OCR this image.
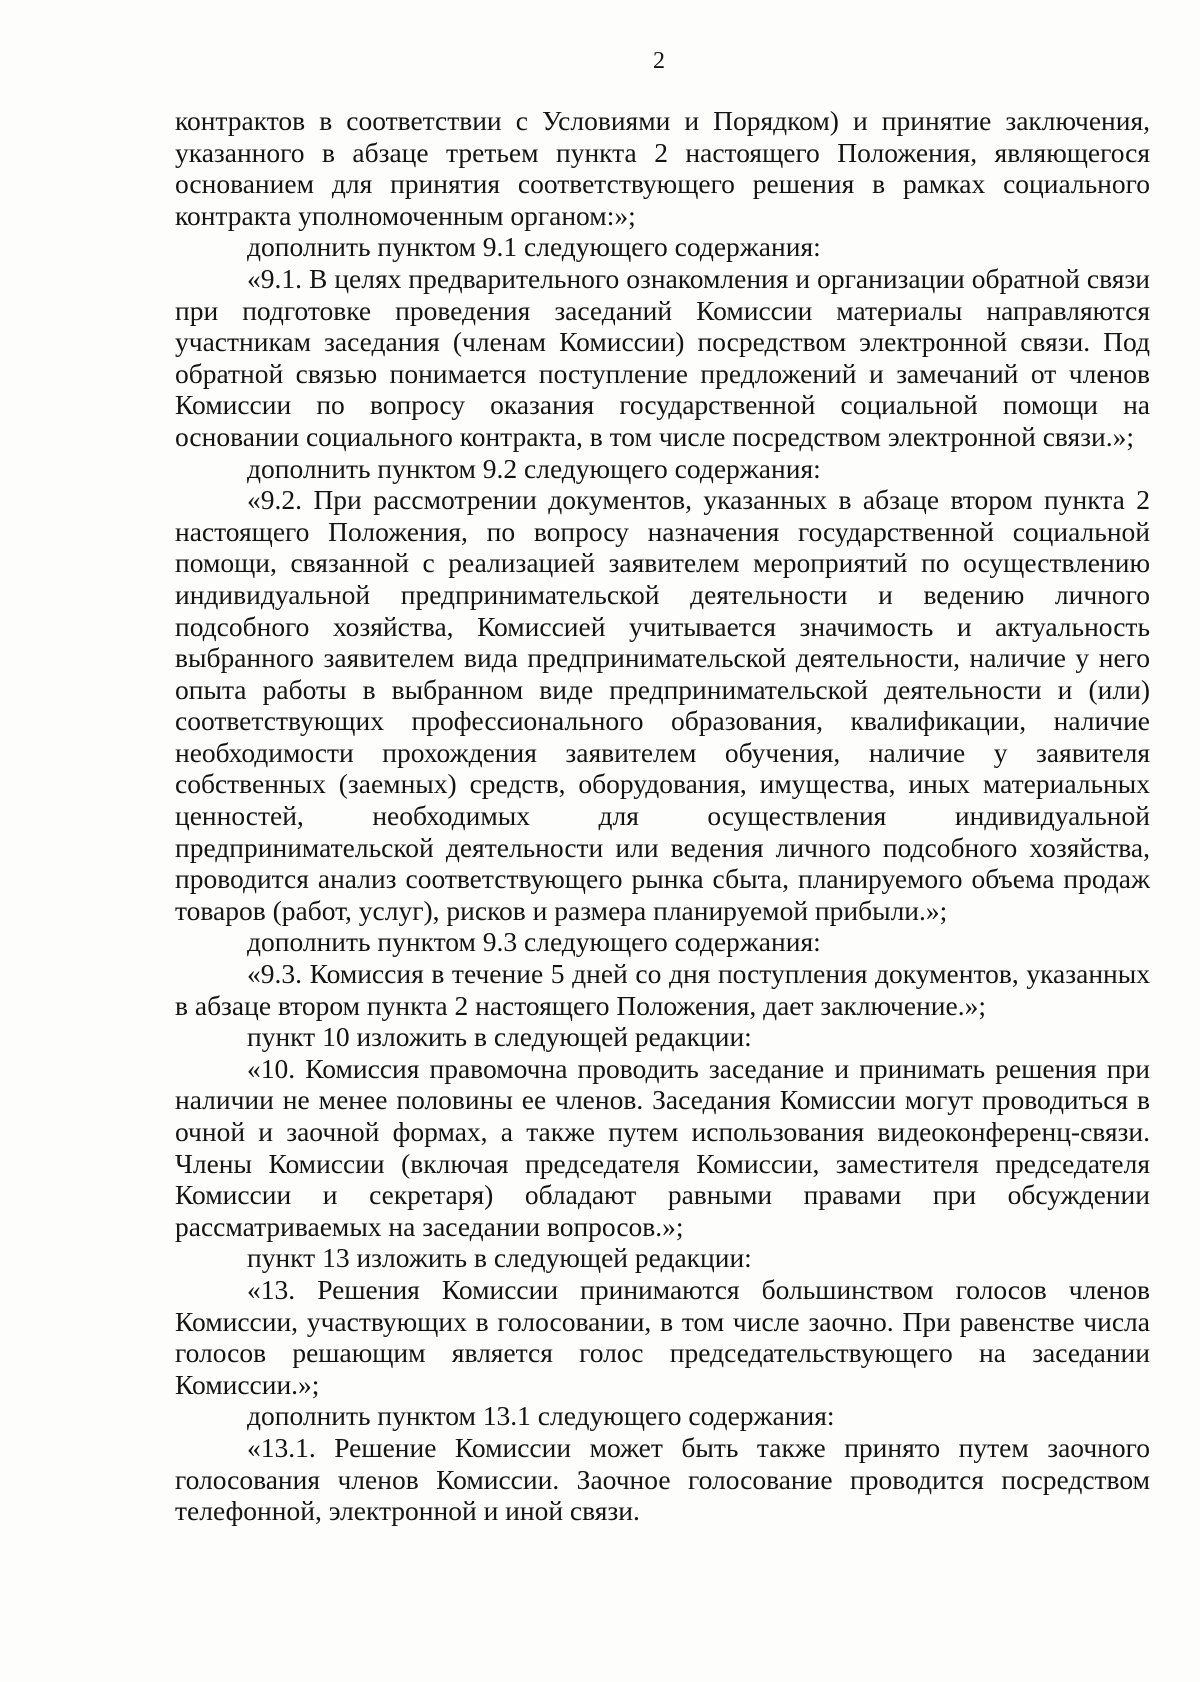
2

контрактов в соответствии с Условиями и Порядком) и принятие заключения, указанного в абзаце третьем пункта 2 настоящего Положения, являющегося основанием для принятия соответствующего решения в рамках социального контракта уполномоченным органом:»;

дополнить пунктом 9.1 следующего содержания:

«9.1. В целях предварительного ознакомления и организации обратной связи при подготовке проведения заседаний Комиссии материалы направляются участникам заседания (членам Комиссии) посредством электронной связи. Под обратной связью понимается поступление предложений и замечаний от членов Комиссии по вопросу оказания государственной социальной помощи на основании социального контракта, в том числе посредством электронной связи.»;

дополнить пунктом 9.2 следующего содержания:

«9.2. При рассмотрении документов, указанных в абзаце втором пункта 2 настоящего Положения, по вопросу назначения государственной социальной помощи, связанной с реализацией заявителем мероприятий по осуществлению индивидуальной предпринимательской деятельности и ведению личного подсобного хозяйства, Комиссией учитывается значимость и актуальность выбранного заявителем вида предпринимательской деятельности, наличие у него опыта работы в выбранном виде предпринимательской деятельности и (или) соответствующих профессионального образования, квалификации, наличие необходимости прохождения заявителем обучения, наличие у заявителя собственных (заемных) средств, оборудования, имущества, иных материальных ценностей, необходимых для осуществления индивидуальной предпринимательской деятельности или ведения личного подсобного хозяйства, проводится анализ соответствующего рынка сбыта, планируемого объема продаж товаров (работ, услуг), рисков и размера планируемой прибыли.»;

дополнить пунктом 9.3 следующего содержания:

«9.3. Комиссия в течение 5 дней со дня поступления документов, указанных в абзаце втором пункта 2 настоящего Положения, дает заключение.»;

пункт 10 изложить в следующей редакции:

«10. Комиссия правомочна проводить заседание и принимать решения при наличии не менее половины ее членов. Заседания Комиссии могут проводиться в очной и заочной формах, а также путем использования видеоконференц-связи. Члены Комиссии (включая председателя Комиссии, заместителя председателя Комиссии и секретаря) обладают равными правами при обсуждении рассматриваемых на заседании вопросов.»;

пункт 13 изложить в следующей редакции:

«13. Решения Комиссии принимаются большинством голосов членов Комиссии, участвующих в голосовании, в том числе заочно. При равенстве числа голосов решающим является голос председательствующего на заседании Комиссии.»;

дополнить пунктом 13.1 следующего содержания:

«13.1. Решение Комиссии может быть также принято путем заочного голосования членов Комиссии. Заочное голосование проводится посредством телефонной, электронной и иной связи.
